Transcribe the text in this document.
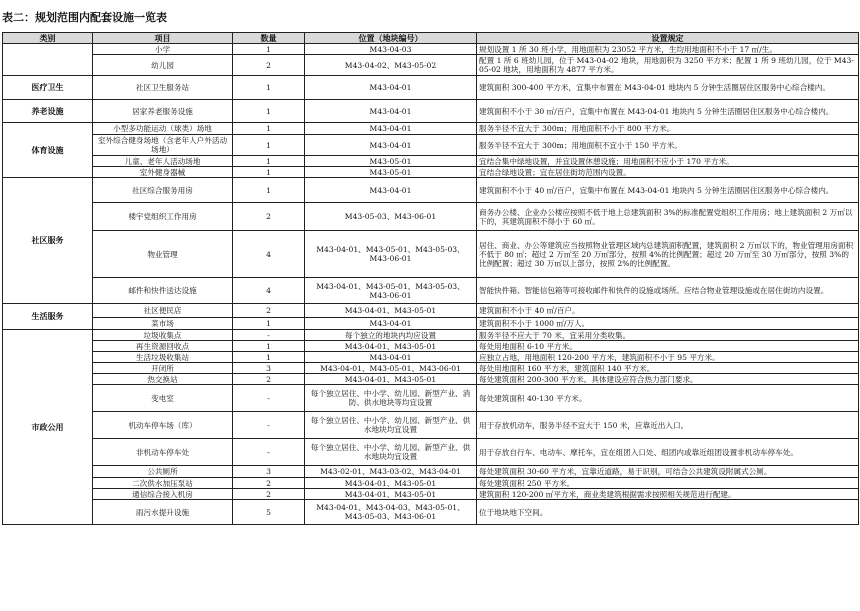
表二：规划范围内配套设施一览表
类别	项目	数量	位置（地块编号）	设置规定
	小学	1	M43-04-03	规划设置 1 所 30 班小学，用地面积为 23052 平方米，生均用地面积不小于 17 ㎡/生。
	幼儿园	2	M43-04-02、M43-05-02	配置 1 所 6 班幼儿园，位于 M43-04-02 地块，用地面积为 3250 平方米；配置 1 所 9 班幼儿园，位于 M43-05-02 地块，用地面积为 4877 平方米。
医疗卫生	社区卫生服务站	1	M43-04-01	建筑面积 300-400 平方米，宜集中布置在 M43-04-01 地块内 5 分钟生活圈居住区服务中心综合楼内。
养老设施	居家养老服务设施	1	M43-04-01	建筑面积不小于 30 ㎡/百户，宜集中布置在 M43-04-01 地块内 5 分钟生活圈居住区服务中心综合楼内。
体育设施	小型多功能运动（球类）场地	1	M43-04-01	服务半径不宜大于 300m；用地面积不小于 800 平方米。
	室外综合健身场地（含老年人户外活动场地）	1	M43-04-01	服务半径不宜大于 300m；用地面积不宜小于 150 平方米。
	儿童、老年人活动场地	1	M43-05-01	宜结合集中绿地设置，并宜设置休憩设施；用地面积不应小于 170 平方米。
	室外健身器械	1	M43-05-01	宜结合绿地设置；宜在居住街坊范围内设置。
社区服务	社区综合服务用房	1	M43-04-01	建筑面积不小于 40 ㎡/百户，宜集中布置在 M43-04-01 地块内 5 分钟生活圈居住区服务中心综合楼内。
	楼宇党组织工作用房	2	M43-05-03、M43-06-01	商务办公楼、企业办公楼应按照不低于地上总建筑面积 3%的标准配置党组织工作用房；地上建筑面积 2 万㎡以下的，其建筑面积不得小于 60 ㎡。
	物业管理	4	M43-04-01、M43-05-01、M43-05-03、M43-06-01	居住、商业、办公等建筑应当按照物业管理区域内总建筑面积配置，建筑面积 2 万㎡以下的，物业管理用房面积不低于 80 ㎡；超过 2 万㎡至 20 万㎡部分，按照 4%的比例配置；超过 20 万㎡至 30 万㎡部分，按照 3%的比例配置；超过 30 万㎡以上部分，按照 2%的比例配置。
	邮件和快件送达设施	4	M43-04-01、M43-05-01、M43-05-03、M43-06-01	智能快件箱、智能信包箱等可接收邮件和快件的设施或场所。应结合物业管理设施或在居住街坊内设置。
生活服务	社区便民店	2	M43-04-01、M43-05-01	建筑面积不小于 40 ㎡/百户。
	菜市场	1	M43-04-01	建筑面积不小于 1000 ㎡/万人。
市政公用	垃圾收集点	-	每个独立的地块内均应设置	服务半径不应大于 70 米，宜采用分类收集。
	再生资源回收点	1	M43-04-01、M43-05-01	每处用地面积 6-10 平方米。
	生活垃圾收集站	1	M43-04-01	应独立占地，用地面积 120-200 平方米，建筑面积不小于 95 平方米。
	开闭所	3	M43-04-01、M43-05-01、M43-06-01	每处用地面积 160 平方米，建筑面积 140 平方米。
	热交换站	2	M43-04-01、M43-05-01	每处建筑面积 200-300 平方米。具体建设应符合热力部门要求。
	变电室	-	每个独立居住、中小学、幼儿园、新型产业、消防、供水地块等均宜设置	每处建筑面积 40-130 平方米。
	机动车停车场（库）	-	每个独立居住、中小学、幼儿园、新型产业、供水地块均宜设置	用于存放机动车，服务半径不宜大于 150 米，应靠近出入口。
	非机动车停车处	-	每个独立居住、中小学、幼儿园、新型产业、供水地块均宜设置	用于存放自行车、电动车、摩托车，宜在组团入口处、组团内或靠近组团设置非机动车停车处。
	公共厕所	3	M43-02-01、M43-03-02、M43-04-01	每处建筑面积 30-60 平方米，宜靠近道路，易于识别，可结合公共建筑设附属式公厕。
	二次供水加压泵站	2	M43-04-01、M43-05-01	每处建筑面积 250 平方米。
	通信综合接入机房	2	M43-04-01、M43-05-01	建筑面积 120-200 ㎡平方米，商业类建筑根据需求按照相关规范进行配建。
	雨污水提升设施	5	M43-04-01、M43-04-03、M43-05-01、M43-05-03、M43-06-01	位于地块地下空间。
